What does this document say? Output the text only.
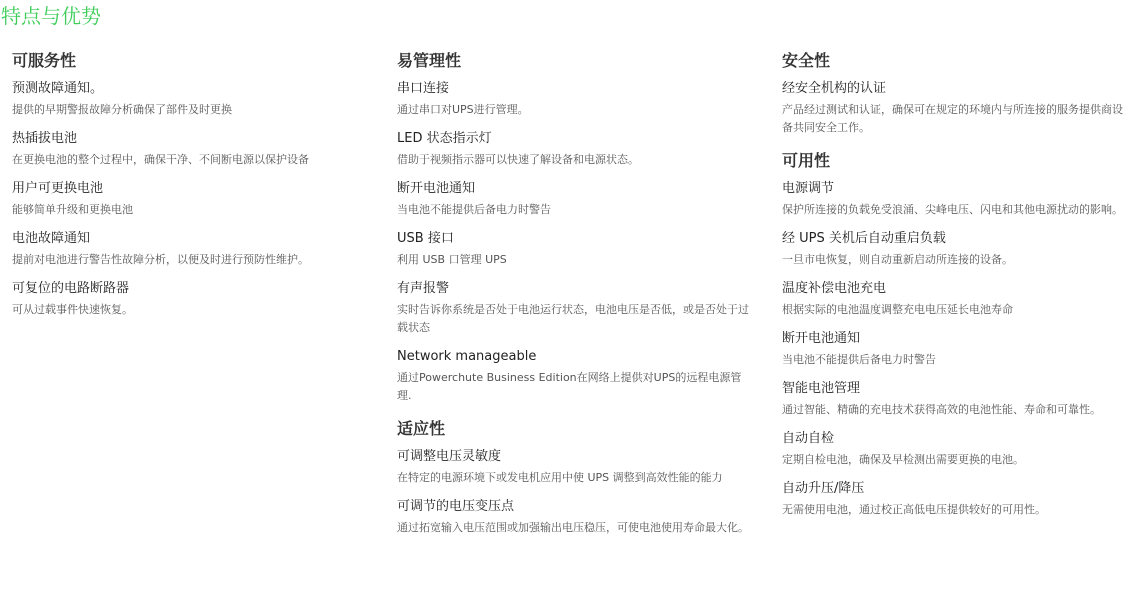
特点与优势
可服务性
预测故障通知。

提供的早期警报故障分析确保了部件及时更换

热插拔电池

在更换电池的整个过程中，确保干净、不间断电源以保护设备

用户可更换电池

能够简单升级和更换电池

电池故障通知

提前对电池进行警告性故障分析，以便及时进行预防性维护。

可复位的电路断路器

可从过载事件快速恢复。

易管理性
串口连接

通过串口对UPS进行管理。

LED 状态指示灯

借助于视频指示器可以快速了解设备和电源状态。

断开电池通知

当电池不能提供后备电力时警告

USB 接口

利用 USB 口管理 UPS

有声报警

实时告诉你系统是否处于电池运行状态，电池电压是否低，或是否处于过载状态

Network manageable

通过Powerchute Business Edition在网络上提供对UPS的远程电源管理.

适应性
可调整电压灵敏度

在特定的电源环境下或发电机应用中使 UPS 调整到高效性能的能力

可调节的电压变压点

通过拓宽输入电压范围或加强输出电压稳压，可使电池使用寿命最大化。

安全性
经安全机构的认证

产品经过测试和认证，确保可在规定的环境内与所连接的服务提供商设备共同安全工作。

可用性
电源调节

保护所连接的负载免受浪涌、尖峰电压、闪电和其他电源扰动的影响。

经 UPS 关机后自动重启负载

一旦市电恢复，则自动重新启动所连接的设备。

温度补偿电池充电

根据实际的电池温度调整充电电压延长电池寿命

断开电池通知

当电池不能提供后备电力时警告

智能电池管理

通过智能、精确的充电技术获得高效的电池性能、寿命和可靠性。

自动自检

定期自检电池，确保及早检测出需要更换的电池。

自动升压/降压

无需使用电池，通过校正高低电压提供较好的可用性。
